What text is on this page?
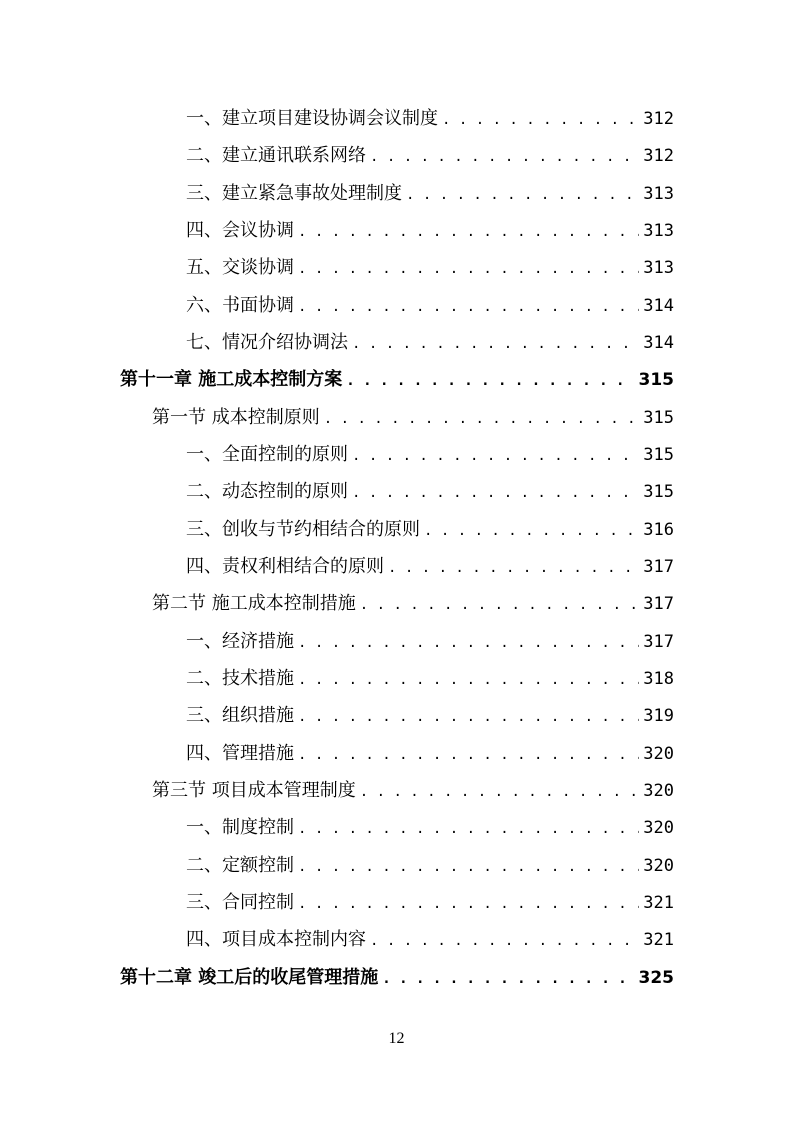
一、建立项目建设协调会议制度 . . .	312
二、建立通讯联系网络 . . .	312
三、建立紧急事故处理制度 . . .	313
四、会议协调 . . .	313
五、交谈协调 . . .	313
六、书面协调 . . .	314
七、情况介绍协调法 . . .	314
第十一章 施工成本控制方案 . . .	315
第一节 成本控制原则 . . .	315
一、全面控制的原则 . . .	315
二、动态控制的原则 . . .	315
三、创收与节约相结合的原则 . . .	316
四、责权利相结合的原则 . . .	317
第二节 施工成本控制措施 . . .	317
一、经济措施 . . .	317
二、技术措施 . . .	318
三、组织措施 . . .	319
四、管理措施 . . .	320
第三节 项目成本管理制度 . . .	320
一、制度控制 . . .	320
二、定额控制 . . .	320
三、合同控制 . . .	321
四、项目成本控制内容 . . .	321
第十二章 竣工后的收尾管理措施 . . .	325
12
